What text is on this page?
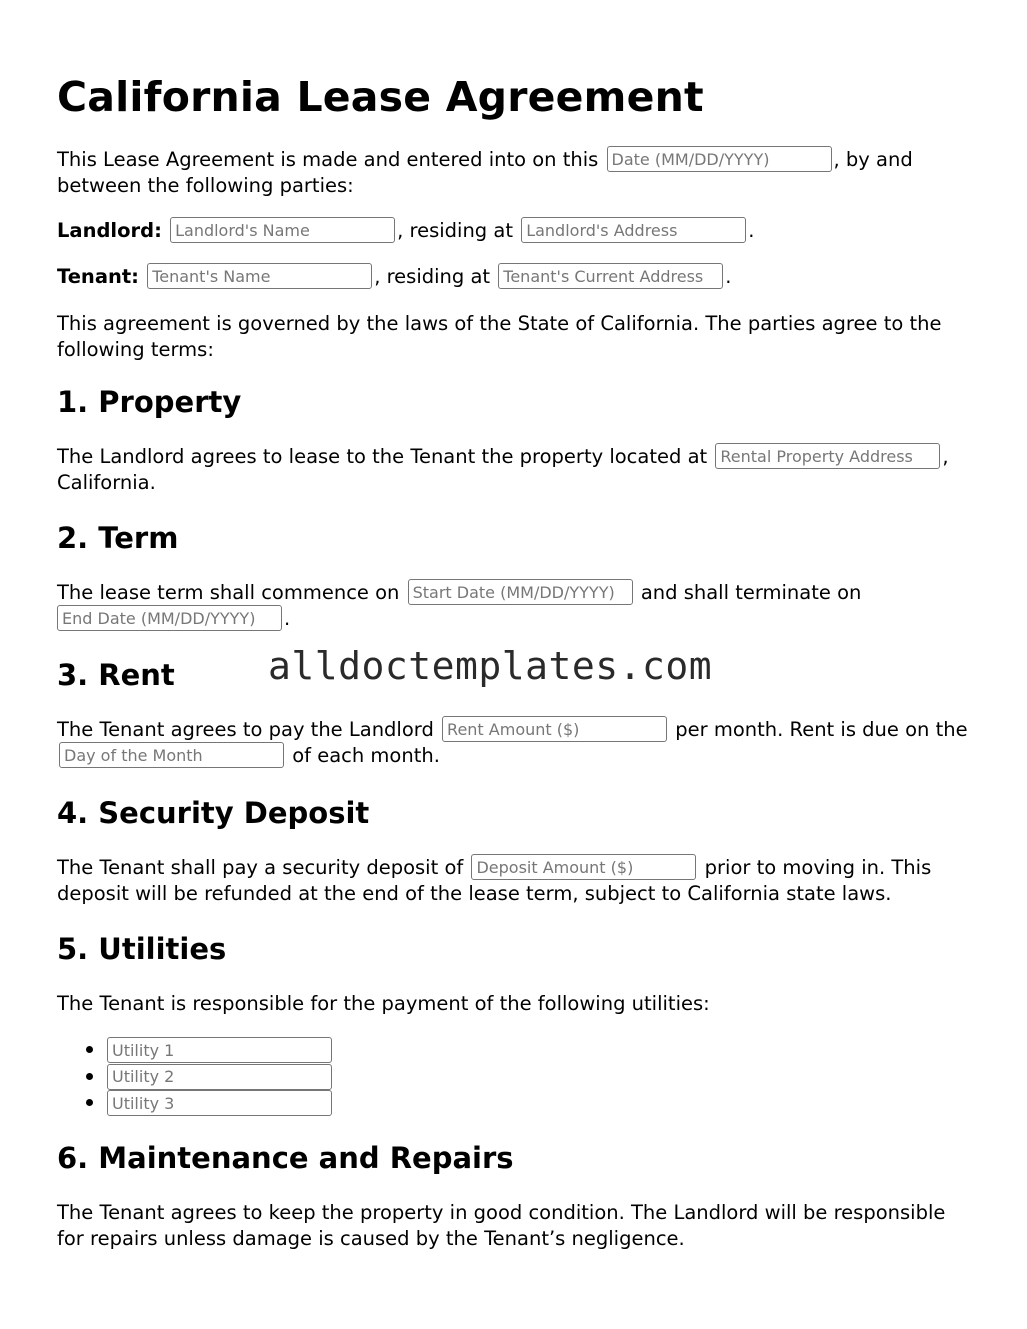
California Lease Agreement

This Lease Agreement is made and entered into on this Date (MM/DD/YYYY)	, by and between the following parties:

Landlord: Landlord's Name	, residing at Landlord's Address	.

Tenant: Tenant's Name	, residing at Tenant's Current Address	.

This agreement is governed by the laws of the State of California. The parties agree to the following terms:

1. Property

The Landlord agrees to lease to the Tenant the property located at Rental Property Address	, California.

2. Term

The lease term shall commence on Start Date (MM/DD/YYYY)	and shall terminate on
End Date (MM/DD/YYYY).

3. Rent

The Tenant agrees to pay the Landlord Rent Amount ($)	per month. Rent is due on the Day of the Month of each month.

4. Security Deposit

The Tenant shall pay a security deposit of Deposit Amount ($)	prior to moving in. This deposit will be refunded at the end of the lease term, subject to California state laws.

5. Utilities

The Tenant is responsible for the payment of the following utilities:

Utility 1
Utility 2
Utility 3
6. Maintenance and Repairs

The Tenant agrees to keep the property in good condition. The Landlord will be responsible for repairs unless damage is caused by the Tenant’s negligence.

alldoctemplates.com
